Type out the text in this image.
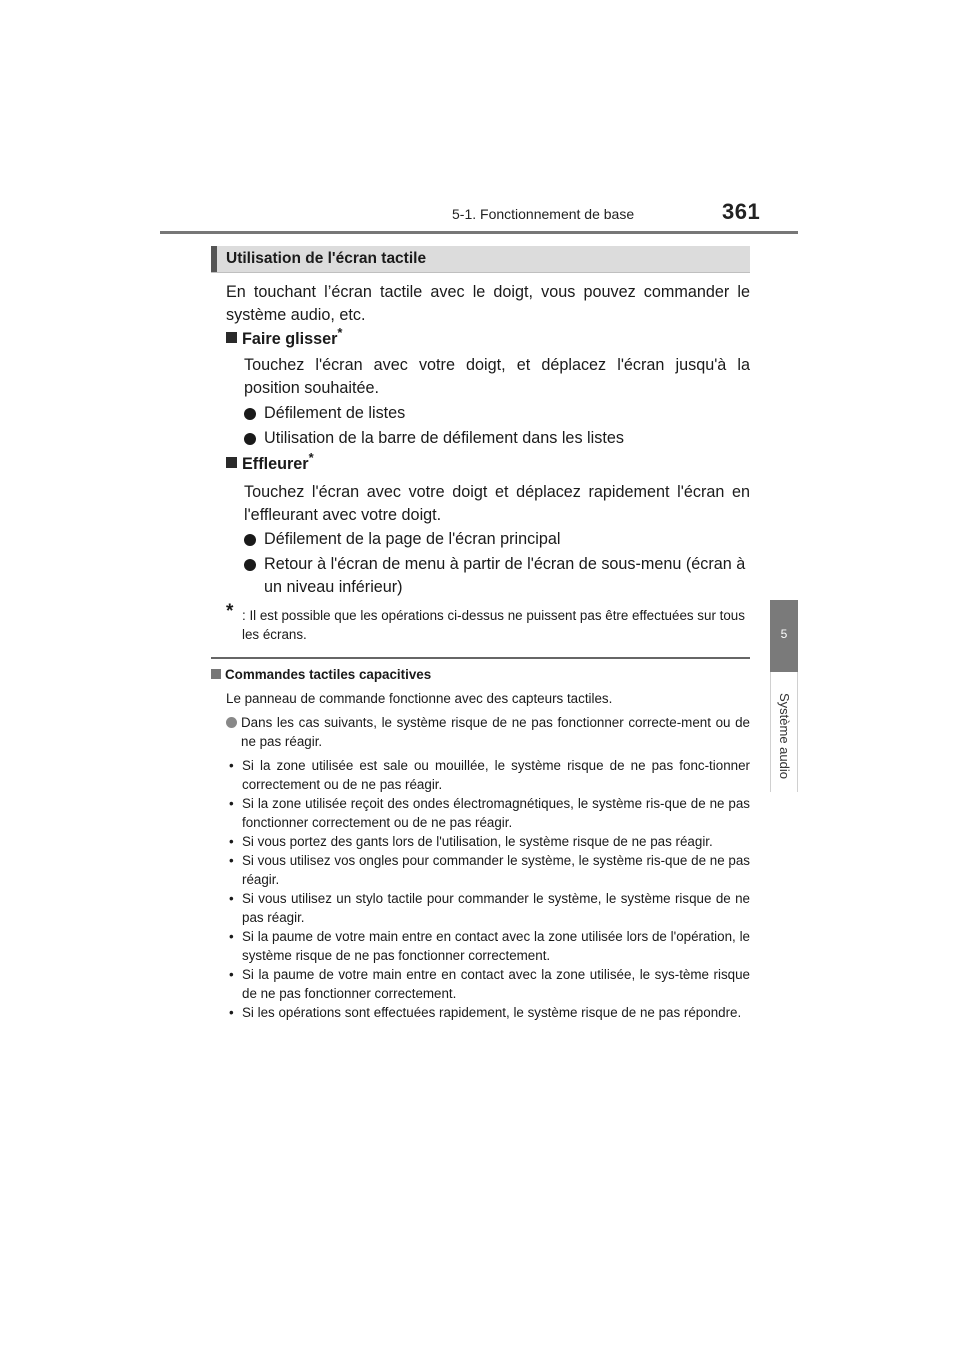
5-1. Fonctionnement de base	361
5
Système audio
Utilisation de l'écran tactile
En touchant l’écran tactile avec le doigt, vous pouvez commander le système audio, etc.
Faire glisser*
Touchez l'écran avec votre doigt, et déplacez l'écran jusqu'à la position souhaitée.
Défilement de listes
Utilisation de la barre de défilement dans les listes
Effleurer*
Touchez l'écran avec votre doigt et déplacez rapidement l'écran en l'effleurant avec votre doigt.
Défilement de la page de l'écran principal
Retour à l'écran de menu à partir de l'écran de sous-menu (écran à un niveau inférieur)
* : Il est possible que les opérations ci-dessus ne puissent pas être effectuées sur tous les écrans.
Commandes tactiles capacitives
Le panneau de commande fonctionne avec des capteurs tactiles.
Dans les cas suivants, le système risque de ne pas fonctionner correcte-ment ou de ne pas réagir.
• Si la zone utilisée est sale ou mouillée, le système risque de ne pas fonc-tionner correctement ou de ne pas réagir.
• Si la zone utilisée reçoit des ondes électromagnétiques, le système ris-que de ne pas fonctionner correctement ou de ne pas réagir.
• Si vous portez des gants lors de l'utilisation, le système risque de ne pas réagir.
• Si vous utilisez vos ongles pour commander le système, le système ris-que de ne pas réagir.
• Si vous utilisez un stylo tactile pour commander le système, le système risque de ne pas réagir.
• Si la paume de votre main entre en contact avec la zone utilisée lors de l'opération, le système risque de ne pas fonctionner correctement.
• Si la paume de votre main entre en contact avec la zone utilisée, le sys-tème risque de ne pas fonctionner correctement.
• Si les opérations sont effectuées rapidement, le système risque de ne pas répondre.
